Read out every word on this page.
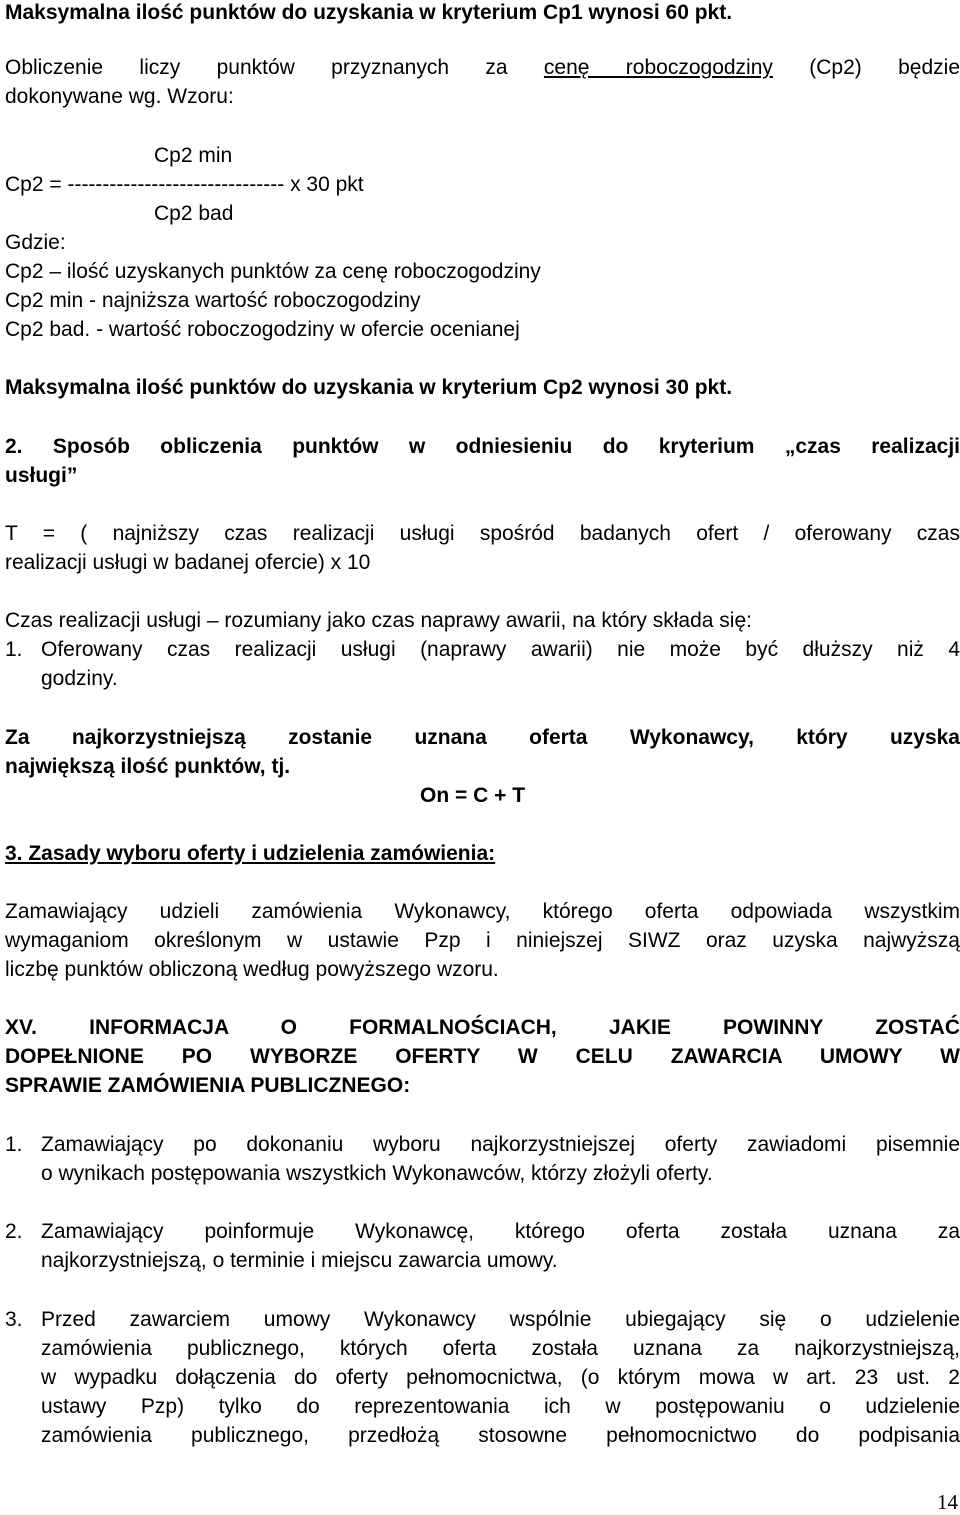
Maksymalna ilość punktów do uzyskania w kryterium Cp1 wynosi 60 pkt.
Obliczenie liczy punktów przyznanych za cenę roboczogodziny (Cp2) będzie
dokonywane wg. Wzoru:
Cp2 min
Cp2 = ------------------------------- x 30 pkt
Cp2 bad
Gdzie:
Cp2 – ilość uzyskanych punktów za cenę roboczogodziny
Cp2 min - najniższa wartość roboczogodziny
Cp2 bad. - wartość roboczogodziny w ofercie ocenianej
Maksymalna ilość punktów do uzyskania w kryterium Cp2 wynosi 30 pkt.
2. Sposób obliczenia punktów w odniesieniu do kryterium „czas realizacji
usługi”
T = ( najniższy czas realizacji usługi spośród badanych ofert / oferowany czas
realizacji usługi w badanej ofercie) x 10
Czas realizacji usługi – rozumiany jako czas naprawy awarii, na który składa się:
1. Oferowany czas realizacji usługi (naprawy awarii) nie może być dłuższy niż 4
godziny.
Za najkorzystniejszą zostanie uznana oferta Wykonawcy, który uzyska
największą ilość punktów, tj.
On = C + T
3. Zasady wyboru oferty i udzielenia zamówienia:
Zamawiający udzieli zamówienia Wykonawcy, którego oferta odpowiada wszystkim
wymaganiom określonym w ustawie Pzp i niniejszej SIWZ oraz uzyska najwyższą
liczbę punktów obliczoną według powyższego wzoru.
XV. INFORMACJA O FORMALNOŚCIACH, JAKIE POWINNY ZOSTAĆ
DOPEŁNIONE PO WYBORZE OFERTY W CELU ZAWARCIA UMOWY W
SPRAWIE ZAMÓWIENIA PUBLICZNEGO:
1. Zamawiający po dokonaniu wyboru najkorzystniejszej oferty zawiadomi pisemnie
o wynikach postępowania wszystkich Wykonawców, którzy złożyli oferty.
2. Zamawiający poinformuje Wykonawcę, którego oferta została uznana za
najkorzystniejszą, o terminie i miejscu zawarcia umowy.
3. Przed zawarciem umowy Wykonawcy wspólnie ubiegający się o udzielenie
zamówienia publicznego, których oferta została uznana za najkorzystniejszą,
w wypadku dołączenia do oferty pełnomocnictwa, (o którym mowa w art. 23 ust. 2
ustawy Pzp) tylko do reprezentowania ich w postępowaniu o udzielenie
zamówienia publicznego, przedłożą stosowne pełnomocnictwo do podpisania
14
